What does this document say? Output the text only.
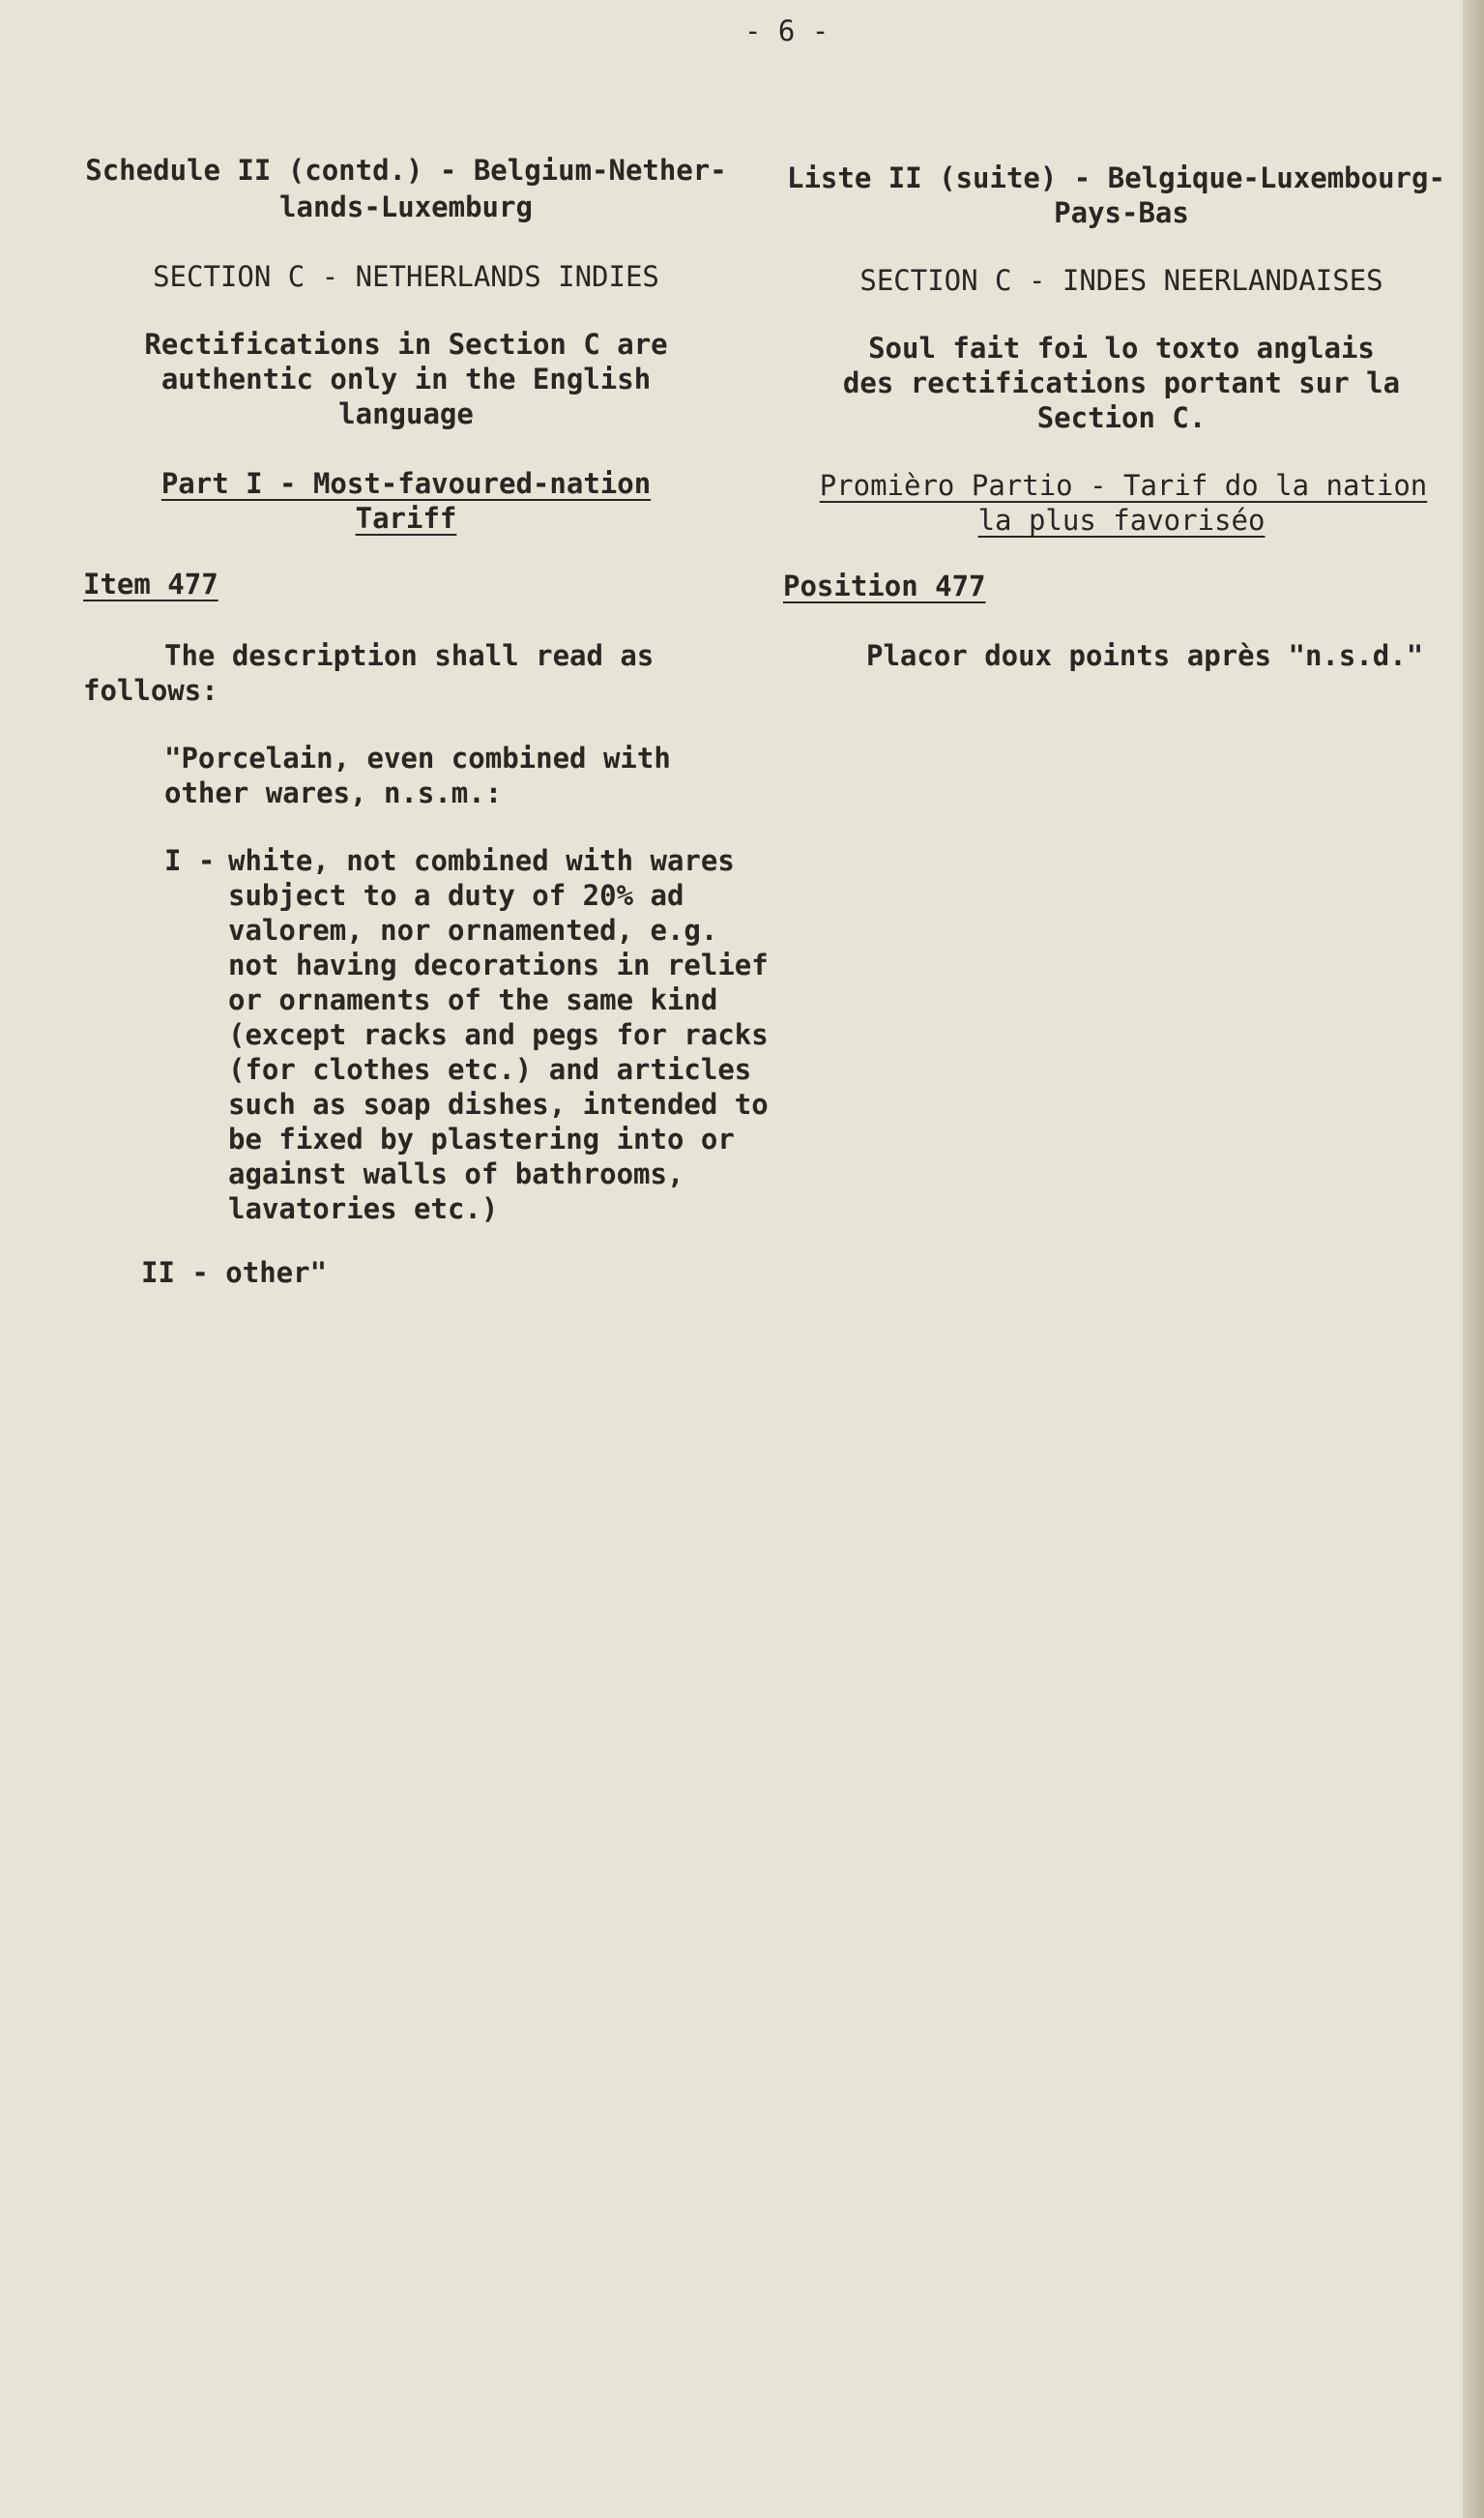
- 6 -
Schedule II (contd.) - Belgium-Nether-
lands-Luxemburg
SECTION C - NETHERLANDS INDIES
Rectifications in Section C are
authentic only in the English
language
Part I - Most-favoured-nation
Tariff
Item 477
The description shall read as
follows:
"Porcelain, even combined with
other wares, n.s.m.:
I - white, not combined with wares
subject to a duty of 20% ad
valorem, nor ornamented, e.g.
not having decorations in relief
or ornaments of the same kind
(except racks and pegs for racks
(for clothes etc.) and articles
such as soap dishes, intended to
be fixed by plastering into or
against walls of bathrooms,
lavatories etc.)
II - other"
Liste II (suite) - Belgique-Luxembourg-
Pays-Bas
SECTION C - INDES NEERLANDAISES
Soul fait foi lo toxto anglais
des rectifications portant sur la
Section C.
Promièro Partio - Tarif do la nation
la plus favoriséo
Position 477
Placor doux points après "n.s.d."
